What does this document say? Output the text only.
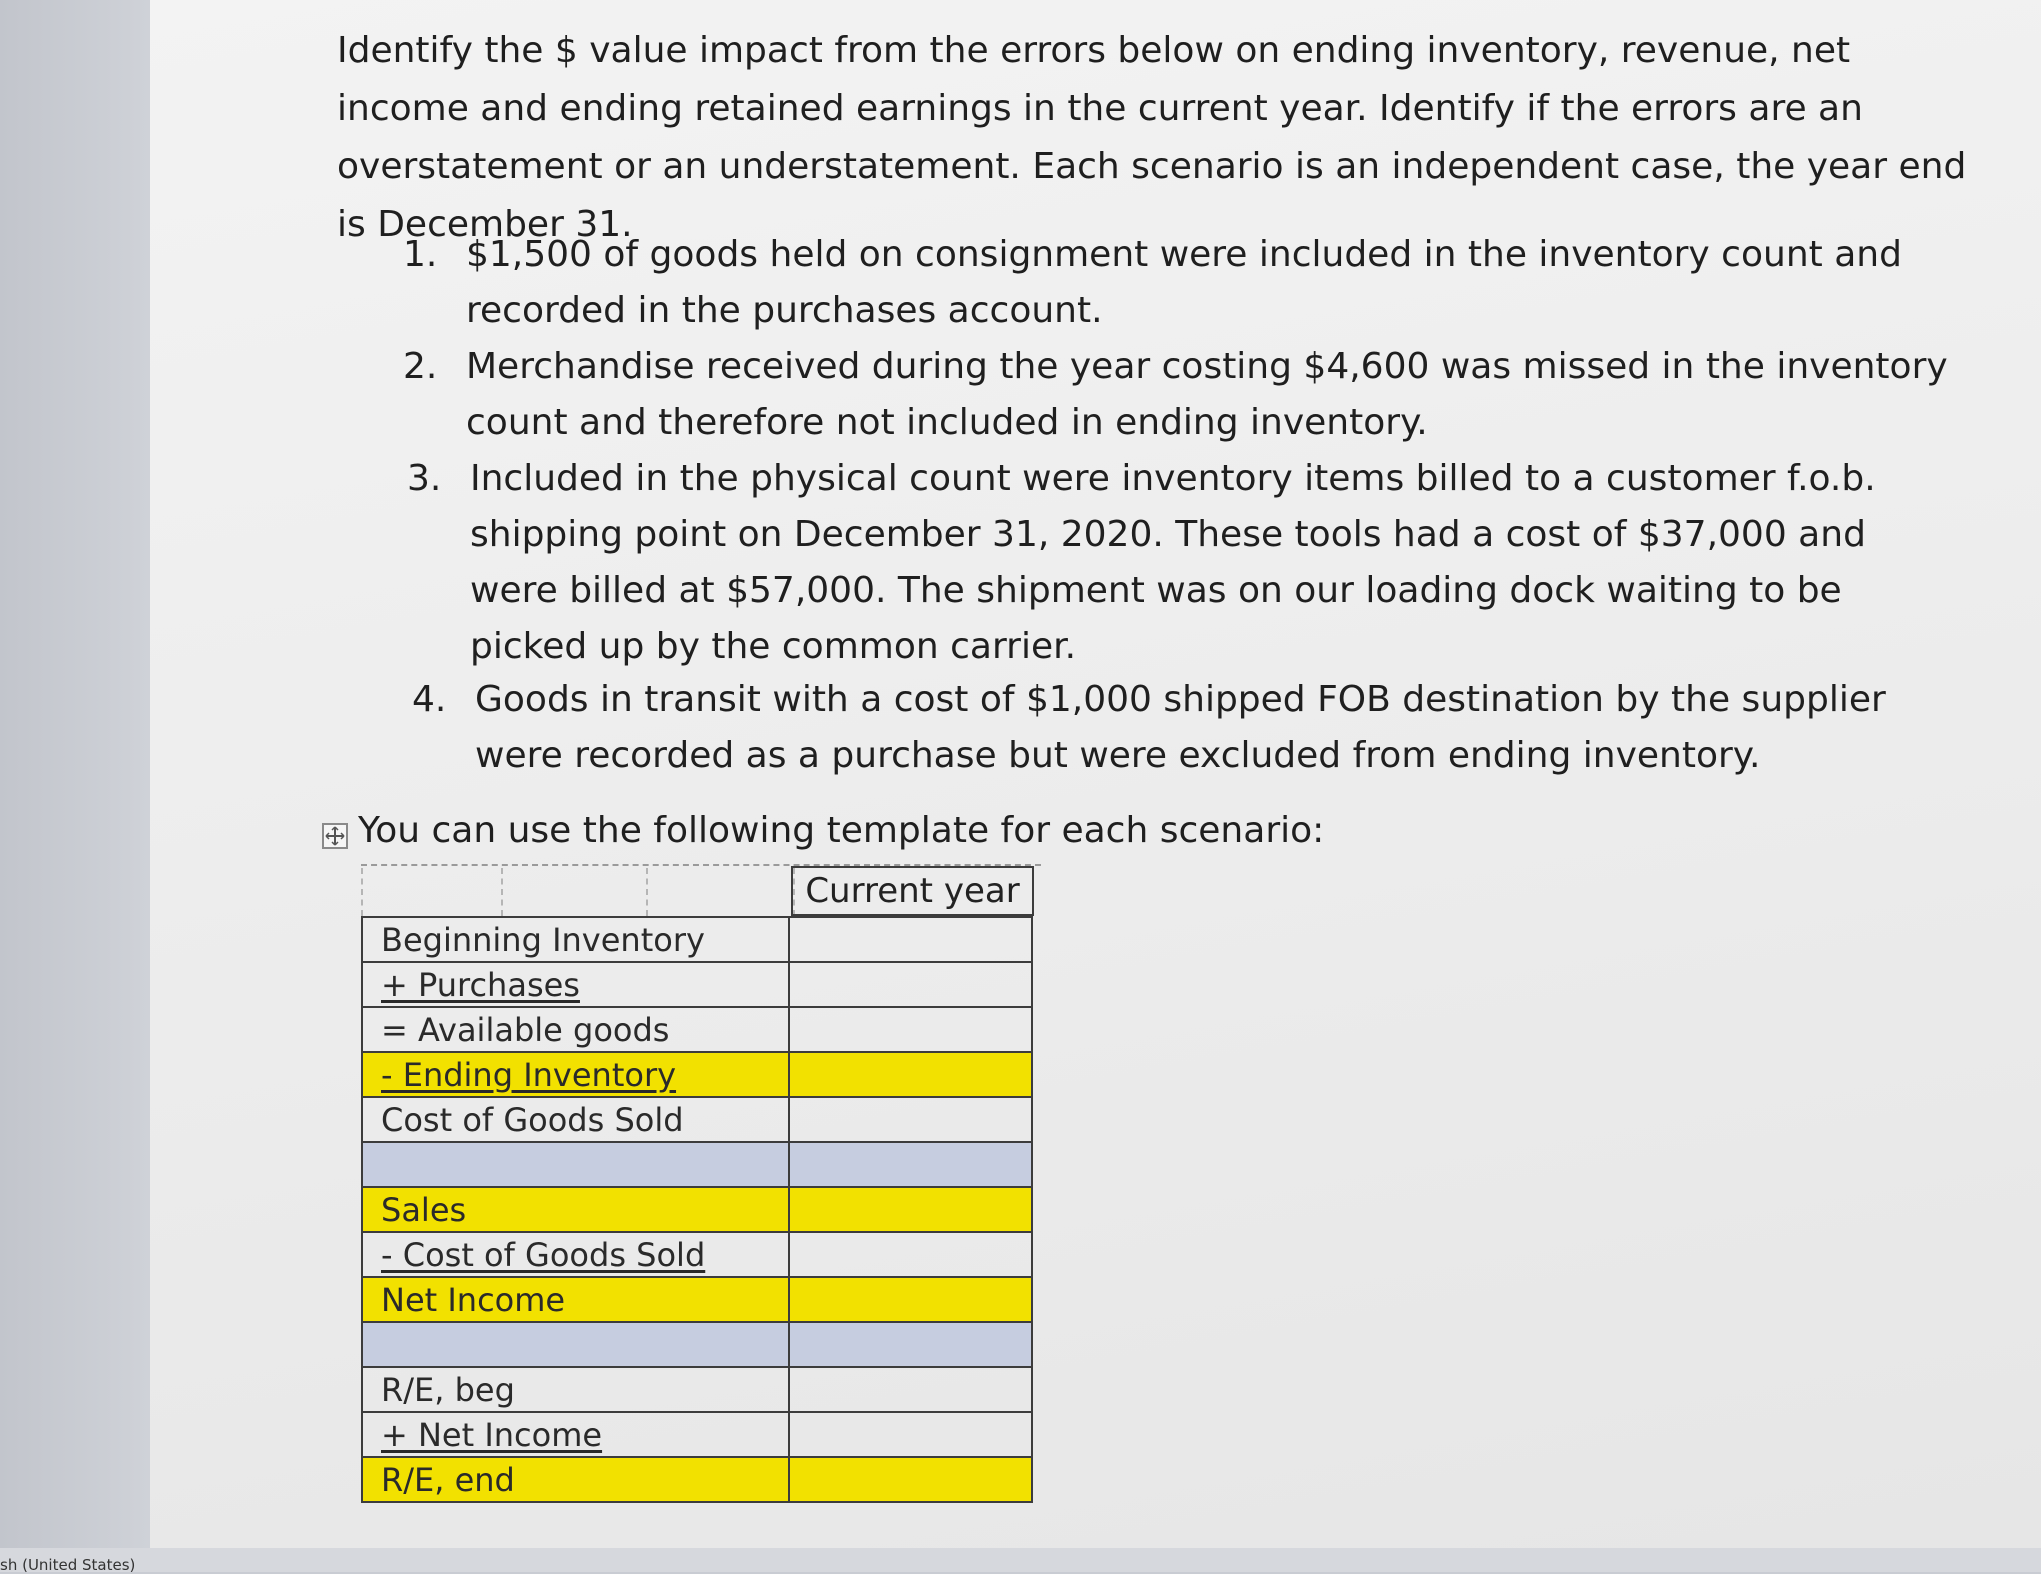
sh (United States)

Identify the $ value impact from the errors below on ending inventory, revenue, net income and ending retained earnings in the current year. Identify if the errors are an overstatement or an understatement. Each scenario is an independent case, the year end is December 31.

1. $1,500 of goods held on consignment were included in the inventory count and recorded in the purchases account.
2. Merchandise received during the year costing $4,600 was missed in the inventory count and therefore not included in ending inventory.
3. Included in the physical count were inventory items billed to a customer f.o.b. shipping point on December 31, 2020. These tools had a cost of $37,000 and were billed at $57,000. The shipment was on our loading dock waiting to be picked up by the common carrier.
4. Goods in transit with a cost of $1,000 shipped FOB destination by the supplier were recorded as a purchase but were excluded from ending inventory.
You can use the following template for each scenario:
Current year
Beginning Inventory	
+ Purchases	
= Available goods	
- Ending Inventory	
Cost of Goods Sold	

Sales	
- Cost of Goods Sold	
Net Income	

R/E, beg	
+ Net Income	
R/E, end	
